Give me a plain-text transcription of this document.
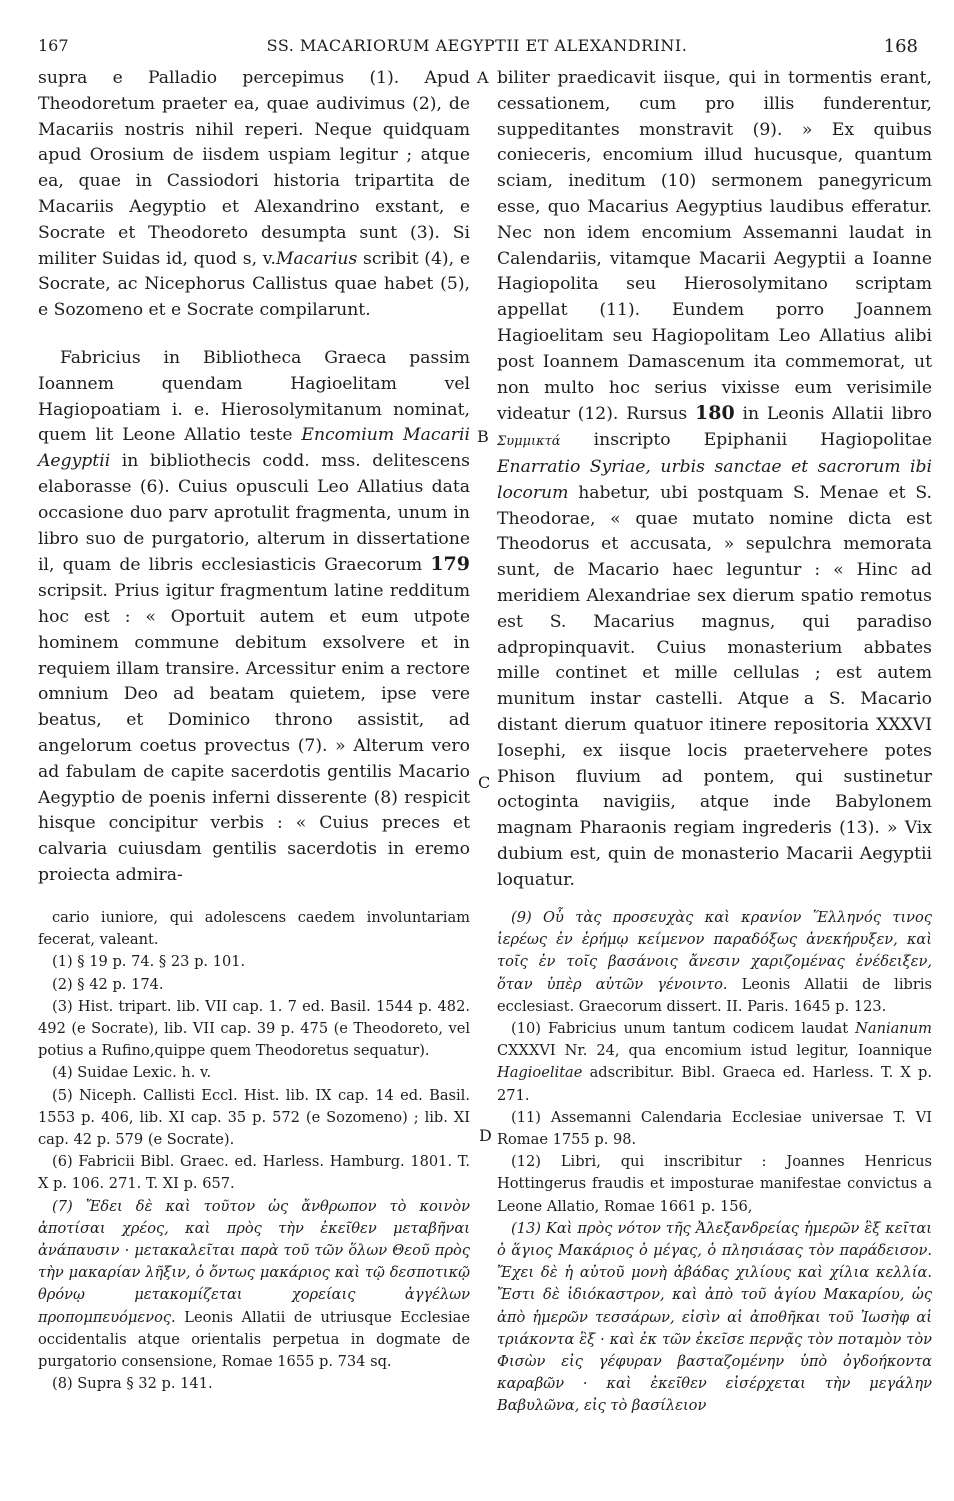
167	SS. MACARIORUM AEGYPTII ET ALEXANDRINI.	168
A
B
C
D

supra e Palladio percepimus (1). Apud Theodoretum praeter ea, quae audivimus (2), de Macariis nostris nihil reperi. Neque quidquam apud Orosium de iisdem uspiam legitur ; atque ea, quae in Cassiodori historia tripartita de Macariis Aegyptio et Alexandrino exstant, e Socrate et Theodoreto desumpta sunt (3). Si militer Suidas id, quod s, v.Macarius scribit (4), e Socrate, ac Nicephorus Callistus quae habet (5), e Sozomeno et e Socrate compilarunt.

Fabricius in Bibliotheca Graeca passim Ioannem quendam Hagioelitam vel Hagiopoatiam i. e. Hierosolymitanum nominat, quem lit Leone Allatio teste Encomium Macarii Aegyptii in bibliothecis codd. mss. delitescens elaborasse (6). Cuius opusculi Leo Allatius data occasione duo parv aprotulit fragmenta, unum in libro suo de purgatorio, alterum in dissertatione il, quam de libris ecclesiasticis Graecorum 179 scripsit. Prius igitur fragmentum latine redditum hoc est : « Oportuit autem et eum utpote hominem commune debitum exsolvere et in requiem illam transire. Arcessitur enim a rectore omnium Deo ad beatam quietem, ipse vere beatus, et Dominico throno assistit, ad angelorum coetus provectus (7). » Alterum vero ad fabulam de capite sacerdotis gentilis Macario Aegyptio de poenis inferni disserente (8) respicit hisque concipitur verbis : « Cuius preces et calvaria cuiusdam gentilis sacerdotis in eremo proiecta admira-

biliter praedicavit iisque, qui in tormentis erant, cessationem, cum pro illis funderentur, suppeditantes monstravit (9). » Ex quibus conieceris, encomium illud hucusque, quantum sciam, ineditum (10) sermonem panegyricum esse, quo Macarius Aegyptius laudibus efferatur. Nec non idem encomium Assemanni laudat in Calendariis, vitamque Macarii Aegyptii a Ioanne Hagiopolita seu Hierosolymitano scriptam appellat (11). Eundem porro Joannem Hagioelitam seu Hagiopolitam Leo Allatius alibi post Ioannem Damascenum ita commemorat, ut non multo hoc serius vixisse eum verisimile videatur (12). Rursus 180 in Leonis Allatii libro Συμμικτά inscripto Epiphanii Hagiopolitae Enarratio Syriae, urbis sanctae et sacrorum ibi locorum habetur, ubi postquam S. Menae et S. Theodorae, « quae mutato nomine dicta est Theodorus et accusata, » sepulchra memorata sunt, de Macario haec leguntur : « Hinc ad meridiem Alexandriae sex dierum spatio remotus est S. Macarius magnus, qui paradiso adpropinquavit. Cuius monasterium abbates mille continet et mille cellulas ; est autem munitum instar castelli. Atque a S. Macario distant dierum quatuor itinere repositoria XXXVI Iosephi, ex iisque locis praetervehere potes Phison fluvium ad pontem, qui sustinetur octoginta navigiis, atque inde Babylonem magnam Pharaonis regiam ingrederis (13). » Vix dubium est, quin de monasterio Macarii Aegyptii loquatur.

cario iuniore, qui adolescens caedem involuntariam fecerat, valeant.

(1) § 19 p. 74. § 23 p. 101.

(2) § 42 p. 174.

(3) Hist. tripart. lib. VII cap. 1. 7 ed. Basil. 1544 p. 482. 492 (e Socrate), lib. VII cap. 39 p. 475 (e Theodoreto, vel potius a Rufino,quippe quem Theodoretus sequatur).

(4) Suidae Lexic. h. v.

(5) Niceph. Callisti Eccl. Hist. lib. IX cap. 14 ed. Basil. 1553 p. 406, lib. XI cap. 35 p. 572 (e Sozomeno) ; lib. XI cap. 42 p. 579 (e Socrate).

(6) Fabricii Bibl. Graec. ed. Harless. Hamburg. 1801. T. X p. 106. 271. T. XI p. 657.

(7) Ἔδει δὲ καὶ τοῦτον ὡς ἄνθρωπον τὸ κοινὸν ἀποτίσαι χρέος, καὶ πρὸς τὴν ἐκεῖθεν μεταβῆναι ἀνάπαυσιν · μετακαλεῖται παρὰ τοῦ τῶν ὅλων Θεοῦ πρὸς τὴν μακαρίαν λῆξιν, ὁ ὄντως μακάριος καὶ τῷ δεσποτικῷ θρόνῳ μετακομίζεται χορείαις ἀγγέλων προπομπευόμενος. Leonis Allatii de utriusque Ecclesiae occidentalis atque orientalis perpetua in dogmate de purgatorio consensione, Romae 1655 p. 734 sq.

(8) Supra § 32 p. 141.

(9) Οὗ τὰς προσευχὰς καὶ κρανίον Ἕλληνός τινος ἱερέως ἐν ἐρήμῳ κείμενον παραδόξως ἀνεκήρυξεν, καὶ τοῖς ἐν τοῖς βασάνοις ἄνεσιν χαριζομένας ἐνέδειξεν, ὅταν ὑπὲρ αὐτῶν γένοιντο. Leonis Allatii de libris ecclesiast. Graecorum dissert. II. Paris. 1645 p. 123.

(10) Fabricius unum tantum codicem laudat Nanianum CXXXVI Nr. 24, qua encomium istud legitur, Ioannique Hagioelitae adscribitur. Bibl. Graeca ed. Harless. T. X p. 271.

(11) Assemanni Calendaria Ecclesiae universae T. VI Romae 1755 p. 98.

(12) Libri, qui inscribitur : Joannes Henricus Hottingerus fraudis et imposturae manifestae convictus a Leone Allatio, Romae 1661 p. 156,

(13) Καὶ πρὸς νότον τῆς Ἀλεξανδρείας ἡμερῶν ἓξ κεῖται ὁ ἅγιος Μακάριος ὁ μέγας, ὁ πλησιάσας τὸν παράδεισον. Ἔχει δὲ ἡ αὐτοῦ μονὴ ἀβάδας χιλίους καὶ χίλια κελλία. Ἔστι δὲ ἰδιόκαστρον, καὶ ἀπὸ τοῦ ἁγίου Μακαρίου, ὡς ἀπὸ ἡμερῶν τεσσάρων, εἰσὶν αἱ ἀποθῆκαι τοῦ Ἰωσὴφ αἱ τριάκοντα ἓξ · καὶ ἐκ τῶν ἐκεῖσε περνᾷς τὸν ποταμὸν τὸν Φισὼν εἰς γέφυραν βασταζομένην ὑπὸ ὀγδοήκοντα καραβῶν · καὶ ἐκεῖθεν εἰσέρχεται τὴν μεγάλην Βαβυλῶνα, εἰς τὸ βασίλειον
